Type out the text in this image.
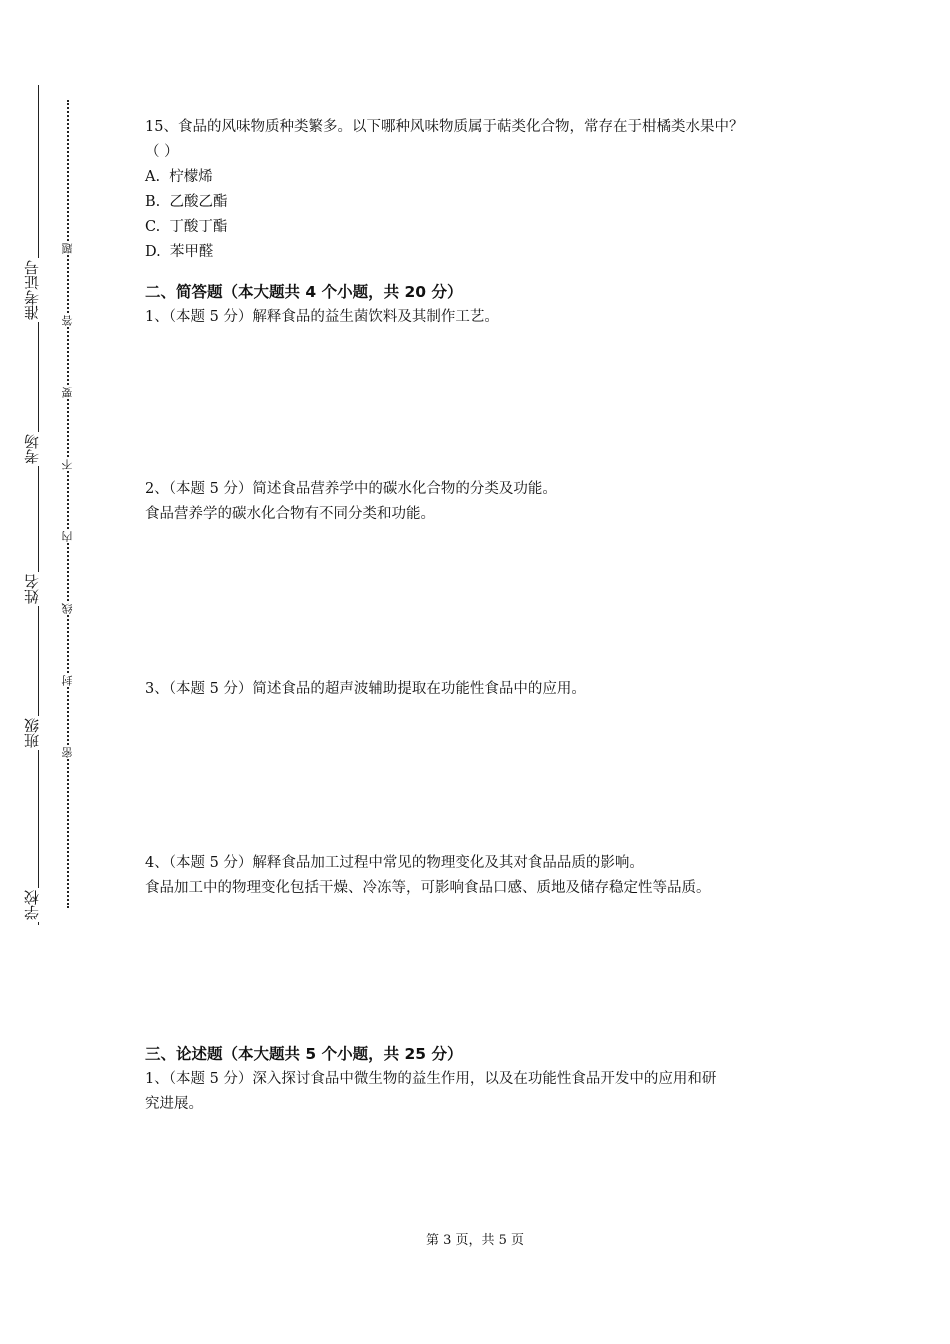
学校
班级
姓名
考场
准考证号
题
答
要
不
内
线
封
密

15、食品的风味物质种类繁多。以下哪种风味物质属于萜类化合物，常存在于柑橘类水果中？

（ ）

A.  柠檬烯

B.  乙酸乙酯

C.  丁酸丁酯

D.  苯甲醛

二、简答题（本大题共 4 个小题，共 20 分）

1、（本题 5 分）解释食品的益生菌饮料及其制作工艺。

2、（本题 5 分）简述食品营养学中的碳水化合物的分类及功能。

食品营养学的碳水化合物有不同分类和功能。

3、（本题 5 分）简述食品的超声波辅助提取在功能性食品中的应用。

4、（本题 5 分）解释食品加工过程中常见的物理变化及其对食品品质的影响。

食品加工中的物理变化包括干燥、冷冻等，可影响食品口感、质地及储存稳定性等品质。

三、论述题（本大题共 5 个小题，共 25 分）

1、（本题 5 分）深入探讨食品中微生物的益生作用，以及在功能性食品开发中的应用和研

究进展。

第 3 页，共 5 页
